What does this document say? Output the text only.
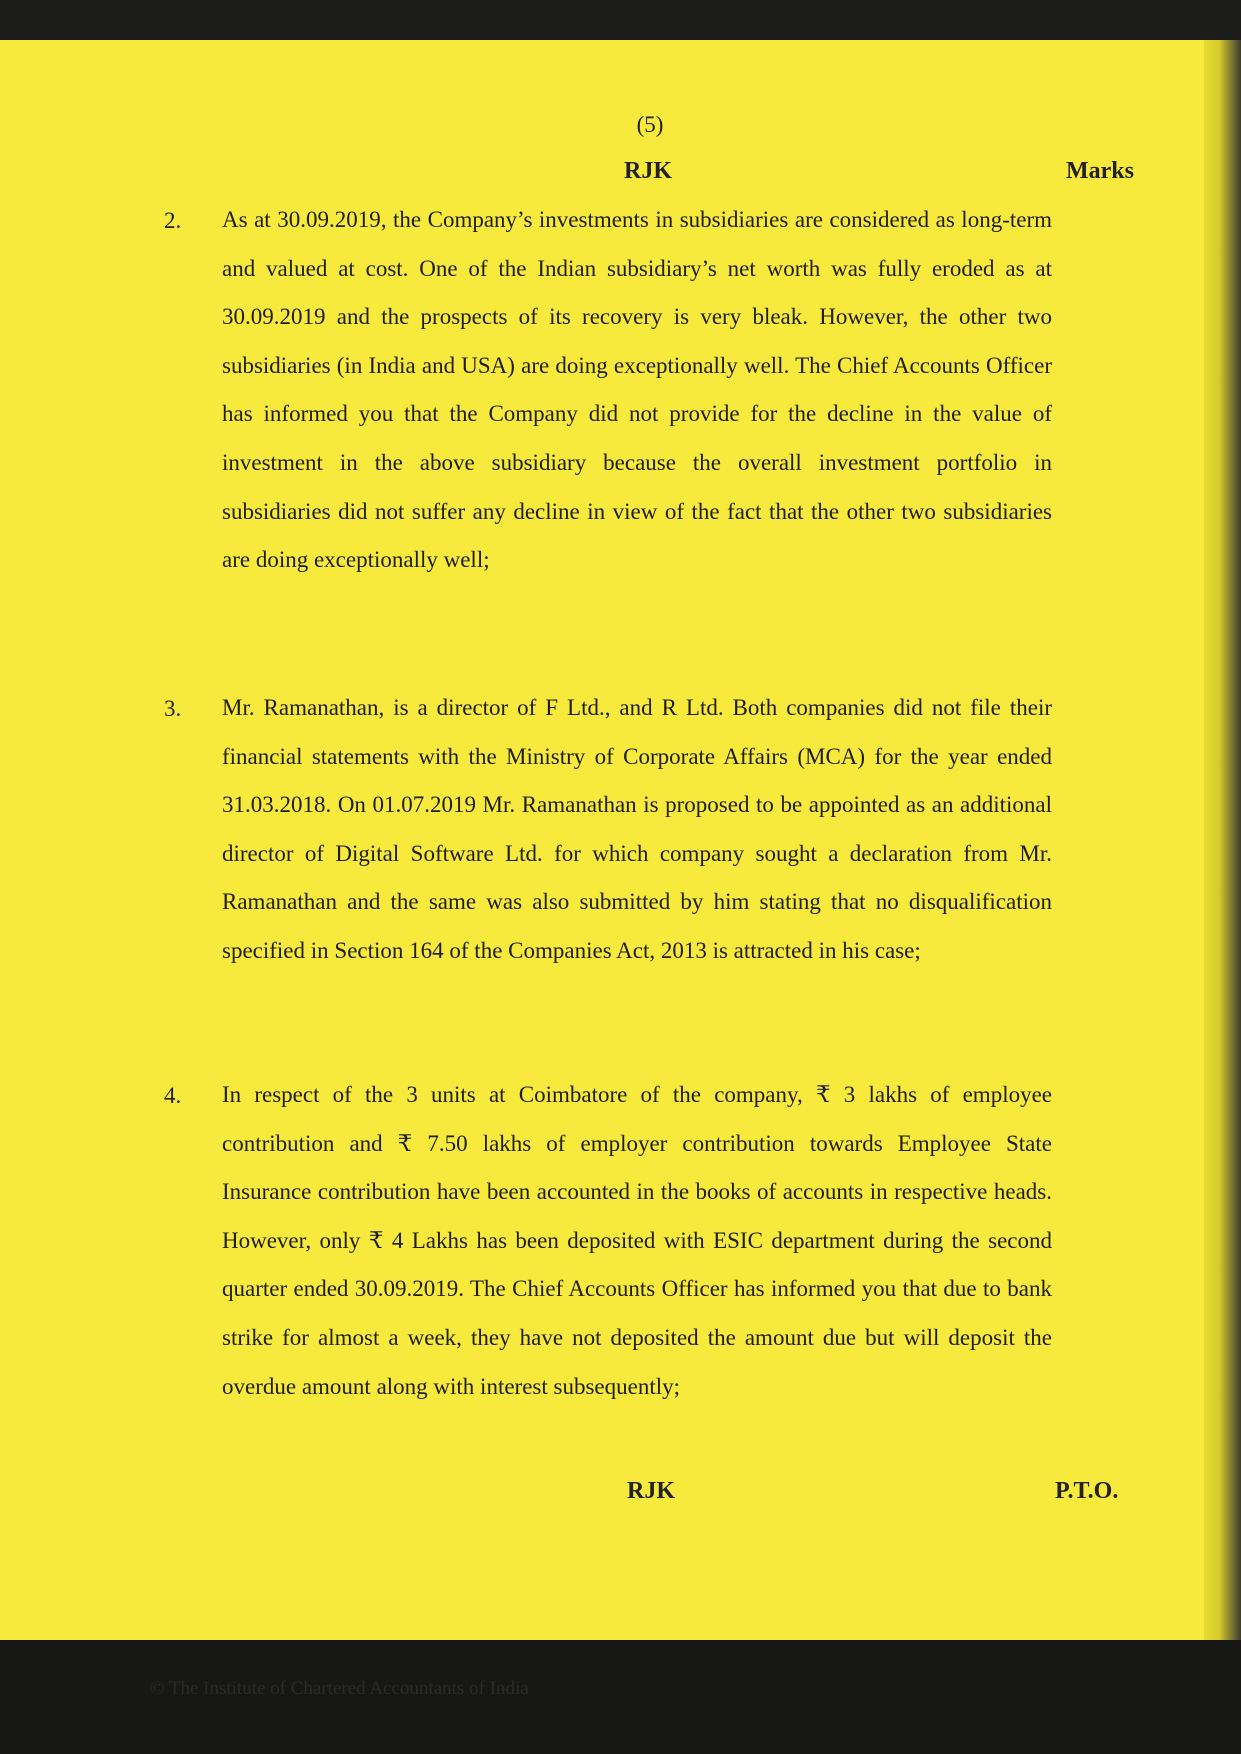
(5)
RJK	Marks
2. As at 30.09.2019, the Company’s investments in subsidiaries are considered as long-term and valued at cost. One of the Indian subsidiary’s net worth was fully eroded as at 30.09.2019 and the prospects of its recovery is very bleak. However, the other two subsidiaries (in India and USA) are doing exceptionally well. The Chief Accounts Officer has informed you that the Company did not provide for the decline in the value of investment in the above subsidiary because the overall investment portfolio in subsidiaries did not suffer any decline in view of the fact that the other two subsidiaries are doing exceptionally well;
3. Mr. Ramanathan, is a director of F Ltd., and R Ltd. Both companies did not file their financial statements with the Ministry of Corporate Affairs (MCA) for the year ended 31.03.2018. On 01.07.2019 Mr. Ramanathan is proposed to be appointed as an additional director of Digital Software Ltd. for which company sought a declaration from Mr. Ramanathan and the same was also submitted by him stating that no disqualification specified in Section 164 of the Companies Act, 2013 is attracted in his case;
4. In respect of the 3 units at Coimbatore of the company, ₹ 3 lakhs of employee contribution and ₹ 7.50 lakhs of employer contribution towards Employee State Insurance contribution have been accounted in the books of accounts in respective heads. However, only ₹ 4 Lakhs has been deposited with ESIC department during the second quarter ended 30.09.2019. The Chief Accounts Officer has informed you that due to bank strike for almost a week, they have not deposited the amount due but will deposit the overdue amount along with interest subsequently;
RJK	P.T.O.
© The Institute of Chartered Accountants of India
